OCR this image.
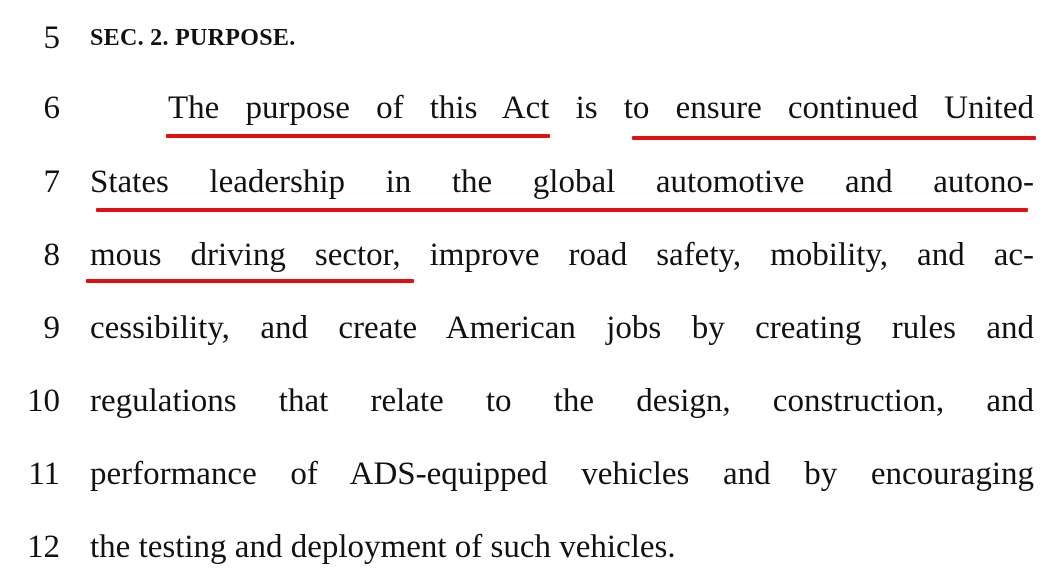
5 SEC. 2. PURPOSE.
6	The purpose of this Act is to ensure continued United
7 States leadership in the global automotive and autono-
8 mous driving sector, improve road safety, mobility, and ac-
9 cessibility, and create American jobs by creating rules and
10 regulations that relate to the design, construction, and
11 performance of ADS-equipped vehicles and by encouraging
12 the testing and deployment of such vehicles.
